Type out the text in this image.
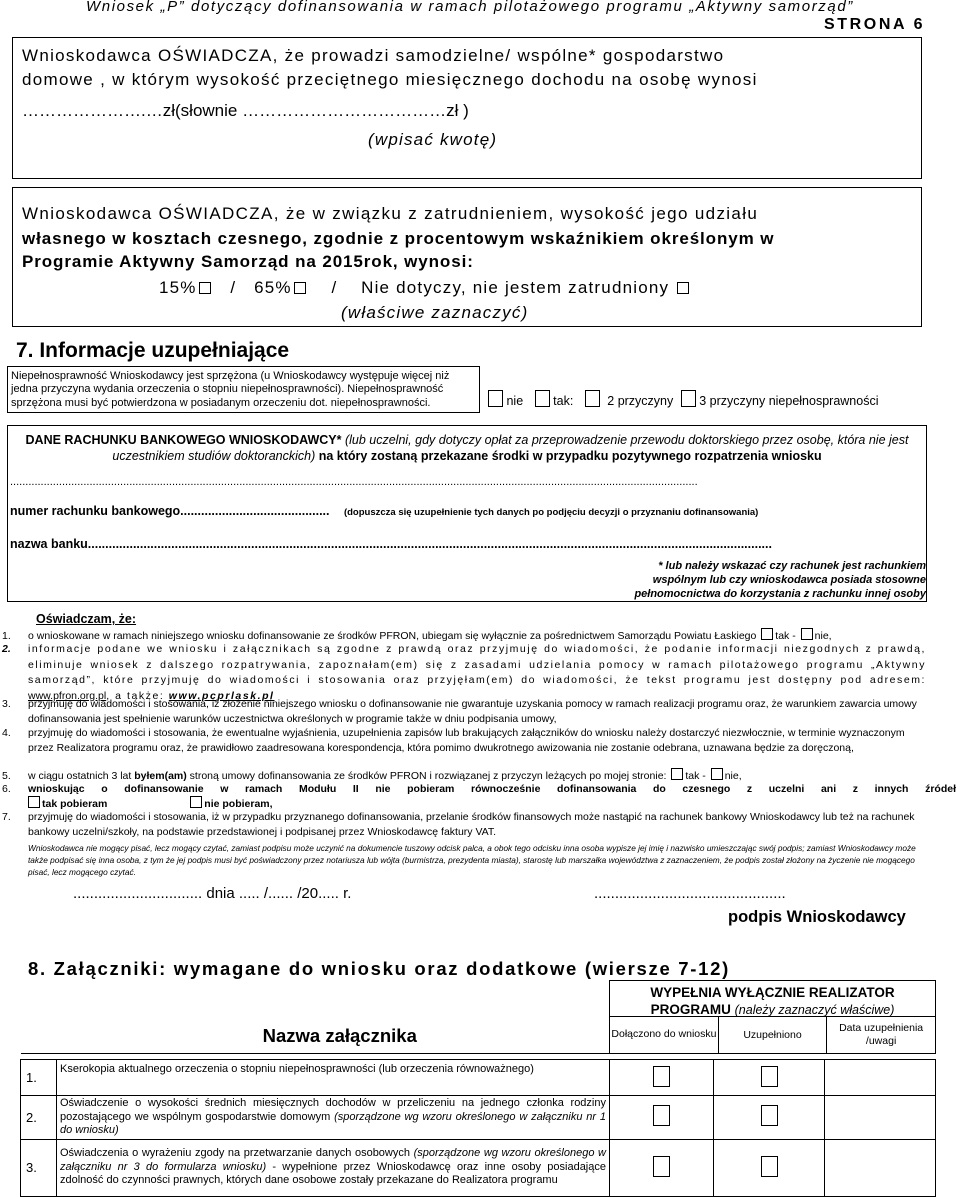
Wniosek „P” dotyczący dofinansowania w ramach pilotażowego programu „Aktywny samorząd”
STRONA 6
Wnioskodawca OŚWIADCZA, że prowadzi samodzielne/ wspólne* gospodarstwo
domowe , w którym wysokość przeciętnego miesięcznego dochodu na osobę wynosi
………………….…zł(słownie ………………………………zł )
(wpisać kwotę)
Wnioskodawca OŚWIADCZA, że w związku z zatrudnieniem, wysokość jego udziału
własnego w kosztach czesnego, zgodnie z procentowym wskaźnikiem określonym w
Programie Aktywny Samorząd na 2015rok, wynosi:
15% / 65% / Nie dotyczy, nie jestem zatrudniony
(właściwe zaznaczyć)
7. Informacje uzupełniające
Niepełnosprawność Wnioskodawcy jest sprzężona (u Wnioskodawcy występuje więcej niż jedna przyczyna wydania orzeczenia o stopniu niepełnosprawności). Niepełnosprawność sprzężona musi być potwierdzona w posiadanym orzeczeniu dot. niepełnosprawności.	nie tak:	2 przyczyny 3 przyczyny niepełnosprawności
DANE RACHUNKU BANKOWEGO WNIOSKODAWCY* (lub uczelni, gdy dotyczy opłat za przeprowadzenie przewodu doktorskiego przez osobę, która nie jest uczestnikiem studiów doktoranckich) na który zostaną przekazane środki w przypadku pozytywnego rozpatrzenia wniosku
.................................................................................................................................................................................................................................
numer rachunku bankowego........................................... (dopuszcza się uzupełnienie tych danych po podjęciu decyzji o przyznaniu dofinansowania)
nazwa banku.....................................................................................................................................................................................................
* lub należy wskazać czy rachunek jest rachunkiem wspólnym lub czy wnioskodawca posiada stosowne pełnomocnictwa do korzystania z rachunku innej osoby
Oświadczam, że:
1. o wnioskowane w ramach niniejszego wniosku dofinansowanie ze środków PFRON, ubiegam się wyłącznie za pośrednictwem Samorządu Powiatu Łaskiego tak - nie,
2. informacje podane we wniosku i załącznikach są zgodne z prawdą oraz przyjmuję do wiadomości, że podanie informacji niezgodnych z prawdą, eliminuje wniosek z dalszego rozpatrywania, zapoznałam(em) się z zasadami udzielania pomocy w ramach pilotażowego programu „Aktywny samorząd”, które przyjmuję do wiadomości i stosowania oraz przyjęłam(em) do wiadomości, że tekst programu jest dostępny pod adresem: www.pfron.org.pl, a także: www.pcprlask.pl
3. przyjmuję do wiadomości i stosowania, iż złożenie niniejszego wniosku o dofinansowanie nie gwarantuje uzyskania pomocy w ramach realizacji programu oraz, że warunkiem zawarcia umowy dofinansowania jest spełnienie warunków uczestnictwa określonych w programie także w dniu podpisania umowy,
4. przyjmuję do wiadomości i stosowania, że ewentualne wyjaśnienia, uzupełnienia zapisów lub brakujących załączników do wniosku należy dostarczyć niezwłocznie, w terminie wyznaczonym przez Realizatora programu oraz, że prawidłowo zaadresowana korespondencja, która pomimo dwukrotnego awizowania nie zostanie odebrana, uznawana będzie za doręczoną,
5. w ciągu ostatnich 3 lat byłem(am) stroną umowy dofinansowania ze środków PFRON i rozwiązanej z przyczyn leżących po mojej stronie: tak - nie,
6. wnioskując o dofinansowanie w ramach Modułu II nie pobieram równocześnie dofinansowania do czesnego z uczelni ani z innych źródeł
tak pobieram	nie pobieram,
7. przyjmuję do wiadomości i stosowania, iż w przypadku przyznanego dofinansowania, przelanie środków finansowych może nastąpić na rachunek bankowy Wnioskodawcy lub też na rachunek bankowy uczelni/szkoły, na podstawie przedstawionej i podpisanej przez Wnioskodawcę faktury VAT.
Wnioskodawca nie mogący pisać, lecz mogący czytać, zamiast podpisu może uczynić na dokumencie tuszowy odcisk palca, a obok tego odcisku inna osoba wypisze jej imię i nazwisko umieszczając swój podpis; zamiast Wnioskodawcy może także podpisać się inna osoba, z tym że jej podpis musi być poświadczony przez notariusza lub wójta (burmistrza, prezydenta miasta), starostę lub marszałka województwa z zaznaczeniem, że podpis został złożony na życzenie nie mogącego pisać, lecz mogącego czytać.
............................... dnia ..... /...... /20..... r.	..............................................
podpis Wnioskodawcy
8. Załączniki: wymagane do wniosku oraz dodatkowe (wiersze 7-12)
Nazwa załącznika	
WYPEŁNIA WYŁĄCZNIE REALIZATOR PROGRAMU (należy zaznaczyć właściwe)
Dołączono do wniosku	Uzupełniono	Data uzupełnienia /uwagi

1.	Kserokopia aktualnego orzeczenia o stopniu niepełnosprawności (lub orzeczenia równoważnego)			
2.	Oświadczenie o wysokości średnich miesięcznych dochodów w przeliczeniu na jednego członka rodziny pozostającego we wspólnym gospodarstwie domowym (sporządzone wg wzoru określonego w załączniku nr 1 do wniosku)			
3.	Oświadczenia o wyrażeniu zgody na przetwarzanie danych osobowych (sporządzone wg wzoru określonego w załączniku nr 3 do formularza wniosku) - wypełnione przez Wnioskodawcę oraz inne osoby posiadające zdolność do czynności prawnych, których dane osobowe zostały przekazane do Realizatora programu			
